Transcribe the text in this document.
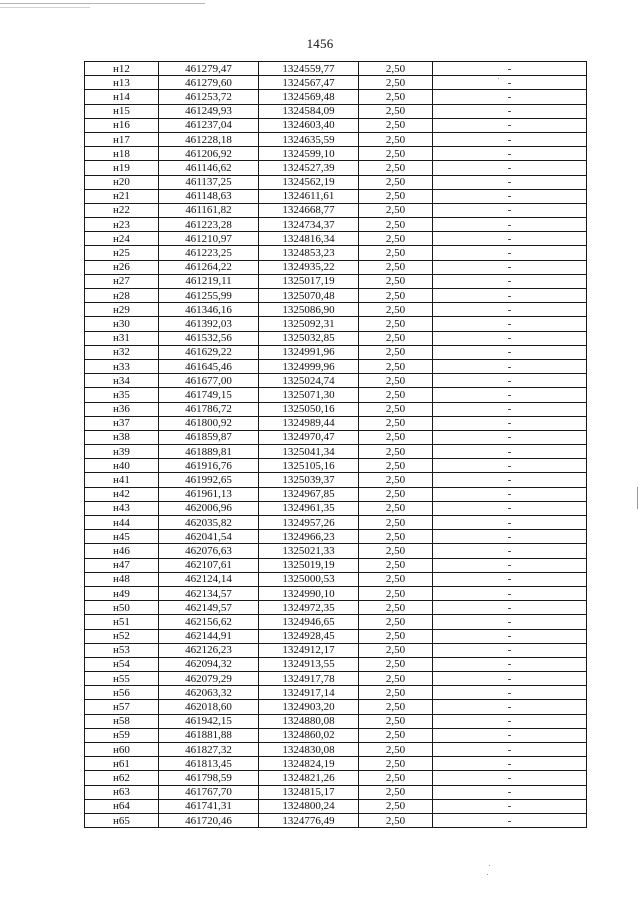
1456
н12	461279,47	1324559,77	2,50	-
н13	461279,60	1324567,47	2,50	-
н14	461253,72	1324569,48	2,50	-
н15	461249,93	1324584,09	2,50	-
н16	461237,04	1324603,40	2,50	-
н17	461228,18	1324635,59	2,50	-
н18	461206,92	1324599,10	2,50	-
н19	461146,62	1324527,39	2,50	-
н20	461137,25	1324562,19	2,50	-
н21	461148,63	1324611,61	2,50	-
н22	461161,82	1324668,77	2,50	-
н23	461223,28	1324734,37	2,50	-
н24	461210,97	1324816,34	2,50	-
н25	461223,25	1324853,23	2,50	-
н26	461264,22	1324935,22	2,50	-
н27	461219,11	1325017,19	2,50	-
н28	461255,99	1325070,48	2,50	-
н29	461346,16	1325086,90	2,50	-
н30	461392,03	1325092,31	2,50	-
н31	461532,56	1325032,85	2,50	-
н32	461629,22	1324991,96	2,50	-
н33	461645,46	1324999,96	2,50	-
н34	461677,00	1325024,74	2,50	-
н35	461749,15	1325071,30	2,50	-
н36	461786,72	1325050,16	2,50	-
н37	461800,92	1324989,44	2,50	-
н38	461859,87	1324970,47	2,50	-
н39	461889,81	1325041,34	2,50	-
н40	461916,76	1325105,16	2,50	-
н41	461992,65	1325039,37	2,50	-
н42	461961,13	1324967,85	2,50	-
н43	462006,96	1324961,35	2,50	-
н44	462035,82	1324957,26	2,50	-
н45	462041,54	1324966,23	2,50	-
н46	462076,63	1325021,33	2,50	-
н47	462107,61	1325019,19	2,50	-
н48	462124,14	1325000,53	2,50	-
н49	462134,57	1324990,10	2,50	-
н50	462149,57	1324972,35	2,50	-
н51	462156,62	1324946,65	2,50	-
н52	462144,91	1324928,45	2,50	-
н53	462126,23	1324912,17	2,50	-
н54	462094,32	1324913,55	2,50	-
н55	462079,29	1324917,78	2,50	-
н56	462063,32	1324917,14	2,50	-
н57	462018,60	1324903,20	2,50	-
н58	461942,15	1324880,08	2,50	-
н59	461881,88	1324860,02	2,50	-
н60	461827,32	1324830,08	2,50	-
н61	461813,45	1324824,19	2,50	-
н62	461798,59	1324821,26	2,50	-
н63	461767,70	1324815,17	2,50	-
н64	461741,31	1324800,24	2,50	-
н65	461720,46	1324776,49	2,50	-
